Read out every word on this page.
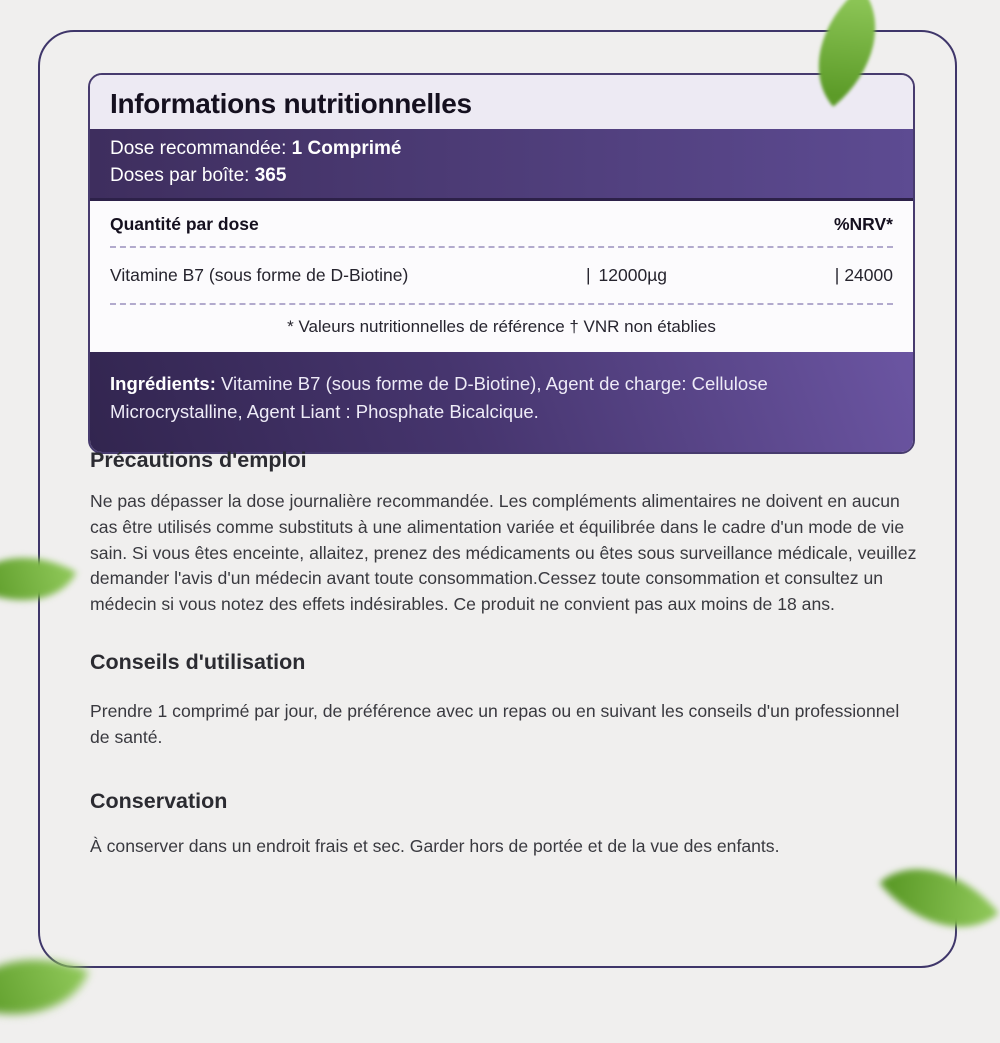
Informations nutritionnelles
Dose recommandée: 1 Comprimé
Doses par boîte: 365
Quantité par dose	%NRV*
Vitamine B7 (sous forme de D-Biotine)	| 12000µg	| 24000
* Valeurs nutritionnelles de référence † VNR non établies
Ingrédients: Vitamine B7 (sous forme de D-Biotine), Agent de charge: Cellulose Microcrystalline, Agent Liant : Phosphate Bicalcique.
Précautions d'emploi

Ne pas dépasser la dose journalière recommandée. Les compléments alimentaires ne doivent en aucun cas être utilisés comme substituts à une alimentation variée et équilibrée dans le cadre d'un mode de vie sain. Si vous êtes enceinte, allaitez, prenez des médicaments ou êtes sous surveillance médicale, veuillez demander l'avis d'un médecin avant toute consommation.Cessez toute consommation et consultez un médecin si vous notez des effets indésirables. Ce produit ne convient pas aux moins de 18 ans.

Conseils d'utilisation

Prendre 1 comprimé par jour, de préférence avec un repas ou en suivant les conseils d'un professionnel de santé.

Conservation

À conserver dans un endroit frais et sec. Garder hors de portée et de la vue des enfants.
